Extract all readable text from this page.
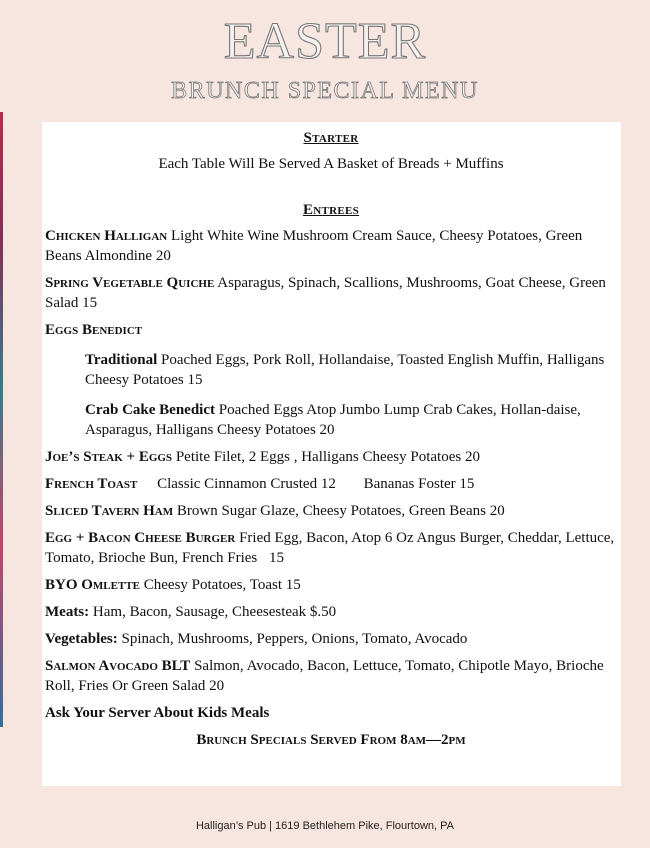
EASTER
BRUNCH SPECIAL MENU
Starter
Each Table Will Be Served A Basket of Breads + Muffins
Entrees
Chicken Halligan Light White Wine Mushroom Cream Sauce, Cheesy Potatoes, Green Beans Almondine 20
Spring Vegetable Quiche Asparagus, Spinach, Scallions, Mushrooms, Goat Cheese, Green Salad 15
Eggs Benedict
Traditional Poached Eggs, Pork Roll, Hollandaise, Toasted English Muffin, Halligans Cheesy Potatoes 15
Crab Cake Benedict Poached Eggs Atop Jumbo Lump Crab Cakes, Hollan-daise, Asparagus, Halligans Cheesy Potatoes 20
Joe’s Steak + Eggs Petite Filet, 2 Eggs , Halligans Cheesy Potatoes 20
French Toast Classic Cinnamon Crusted 12 Bananas Foster 15
Sliced Tavern Ham Brown Sugar Glaze, Cheesy Potatoes, Green Beans 20
Egg + Bacon Cheese Burger Fried Egg, Bacon, Atop 6 Oz Angus Burger, Cheddar, Lettuce, Tomato, Brioche Bun, French Fries 15
BYO Omlette Cheesy Potatoes, Toast 15
Meats: Ham, Bacon, Sausage, Cheesesteak $.50
Vegetables: Spinach, Mushrooms, Peppers, Onions, Tomato, Avocado
Salmon Avocado BLT Salmon, Avocado, Bacon, Lettuce, Tomato, Chipotle Mayo, Brioche Roll, Fries Or Green Salad 20
Ask Your Server About Kids Meals
Brunch Specials Served From 8am—2pm
Halligan’s Pub | 1619 Bethlehem Pike, Flourtown, PA
